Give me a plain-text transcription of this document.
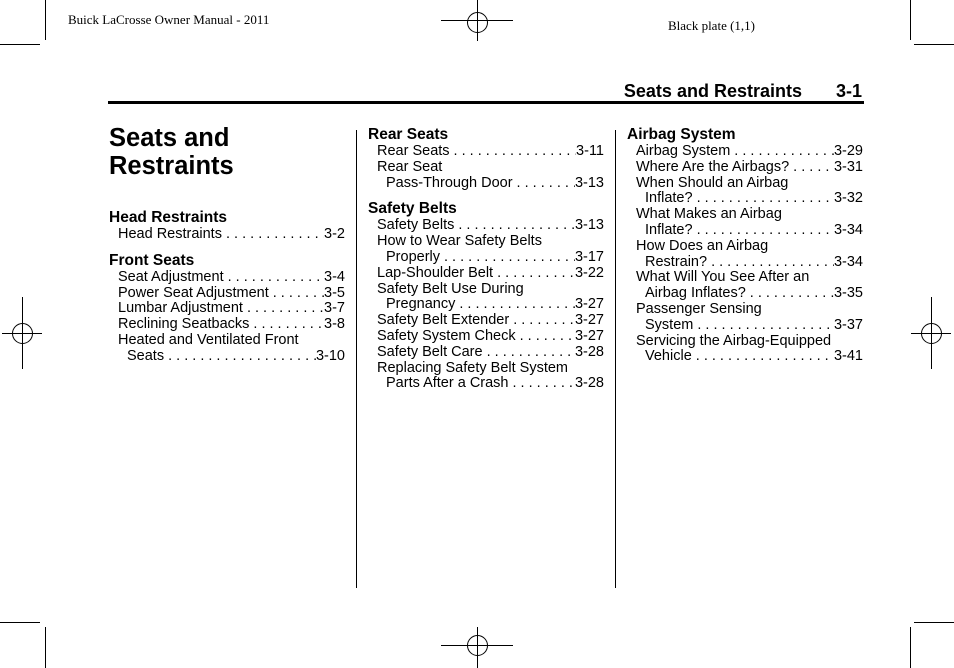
Buick LaCrosse Owner Manual - 2011	Black plate (1,1)
Seats and Restraints 3-1
Seats and Restraints
Head Restraints
Head Restraints . . .	3-2
Front Seats
Seat Adjustment . . .	3-4
Power Seat Adjustment . . .	3-5
Lumbar Adjustment . . .	3-7
Reclining Seatbacks . . .	3-8
Heated and Ventilated Front
Seats . . .	3-10
Rear Seats
Rear Seats . . .	3-11
Rear Seat
Pass-Through Door . . .	3-13
Safety Belts
Safety Belts . . .	3-13
How to Wear Safety Belts
Properly . . .	3-17
Lap-Shoulder Belt . . .	3-22
Safety Belt Use During
Pregnancy . . .	3-27
Safety Belt Extender . . .	3-27
Safety System Check . . .	3-27
Safety Belt Care . . .	3-28
Replacing Safety Belt System
Parts After a Crash . . .	3-28
Airbag System
Airbag System . . .	3-29
Where Are the Airbags? . . .	3-31
When Should an Airbag
Inflate? . . .	3-32
What Makes an Airbag
Inflate? . . .	3-34
How Does an Airbag
Restrain? . . .	3-34
What Will You See After an
Airbag Inflates? . . .	3-35
Passenger Sensing
System . . .	3-37
Servicing the Airbag-Equipped
Vehicle . . .	3-41
